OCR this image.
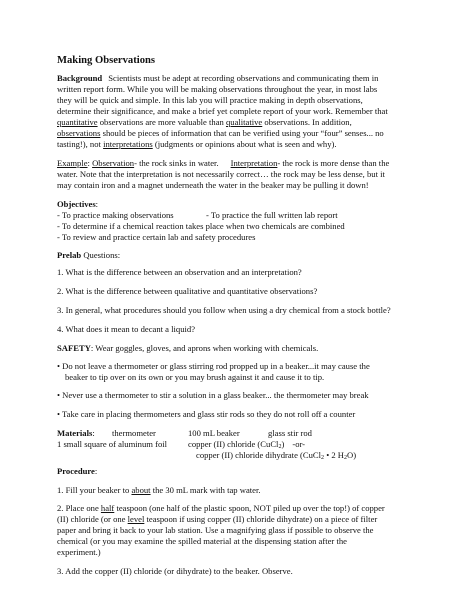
Making Observations
Background Scientists must be adept at recording observations and communicating them in
written report form. While you will be making observations throughout the year, in most labs
they will be quick and simple. In this lab you will practice making in depth observations,
determine their significance, and make a brief yet complete report of your work. Remember that
quantitative observations are more valuable than qualitative observations. In addition,
observations should be pieces of information that can be verified using your “four” senses... no
tasting!), not interpretations (judgments or opinions about what is seen and why).
Example: Observation- the rock sinks in water. Interpretation- the rock is more dense than the
water. Note that the interpretation is not necessarily correct… the rock may be less dense, but it
may contain iron and a magnet underneath the water in the beaker may be pulling it down!
Objectives:
- To practice making observations	- To practice the full written lab report
- To determine if a chemical reaction takes place when two chemicals are combined
- To review and practice certain lab and safety procedures
Prelab Questions:
1. What is the difference between an observation and an interpretation?
2. What is the difference between qualitative and quantitative observations?
3. In general, what procedures should you follow when using a dry chemical from a stock bottle?
4. What does it mean to decant a liquid?
SAFETY: Wear goggles, gloves, and aprons when working with chemicals.
• Do not leave a thermometer or glass stirring rod propped up in a beaker...it may cause the
beaker to tip over on its own or you may brush against it and cause it to tip.
• Never use a thermometer to stir a solution in a glass beaker... the thermometer may break
• Take care in placing thermometers and glass stir rods so they do not roll off a counter
Materials: thermometer	100 mL beaker	glass stir rod
1 small square of aluminum foil copper (II) chloride (CuCl$_2$) -or-
copper (II) chloride dihydrate (CuCl$_2$ • 2 $H_2O$)
Procedure:
1. Fill your beaker to about the 30 mL mark with tap water.
2. Place one half teaspoon (one half of the plastic spoon, NOT piled up over the top!) of copper
(II) chloride (or one level teaspoon if using copper (II) chloride dihydrate) on a piece of filter
paper and bring it back to your lab station. Use a magnifying glass if possible to observe the
chemical (or you may examine the spilled material at the dispensing station after the
experiment.)
3. Add the copper (II) chloride (or dihydrate) to the beaker. Observe.
